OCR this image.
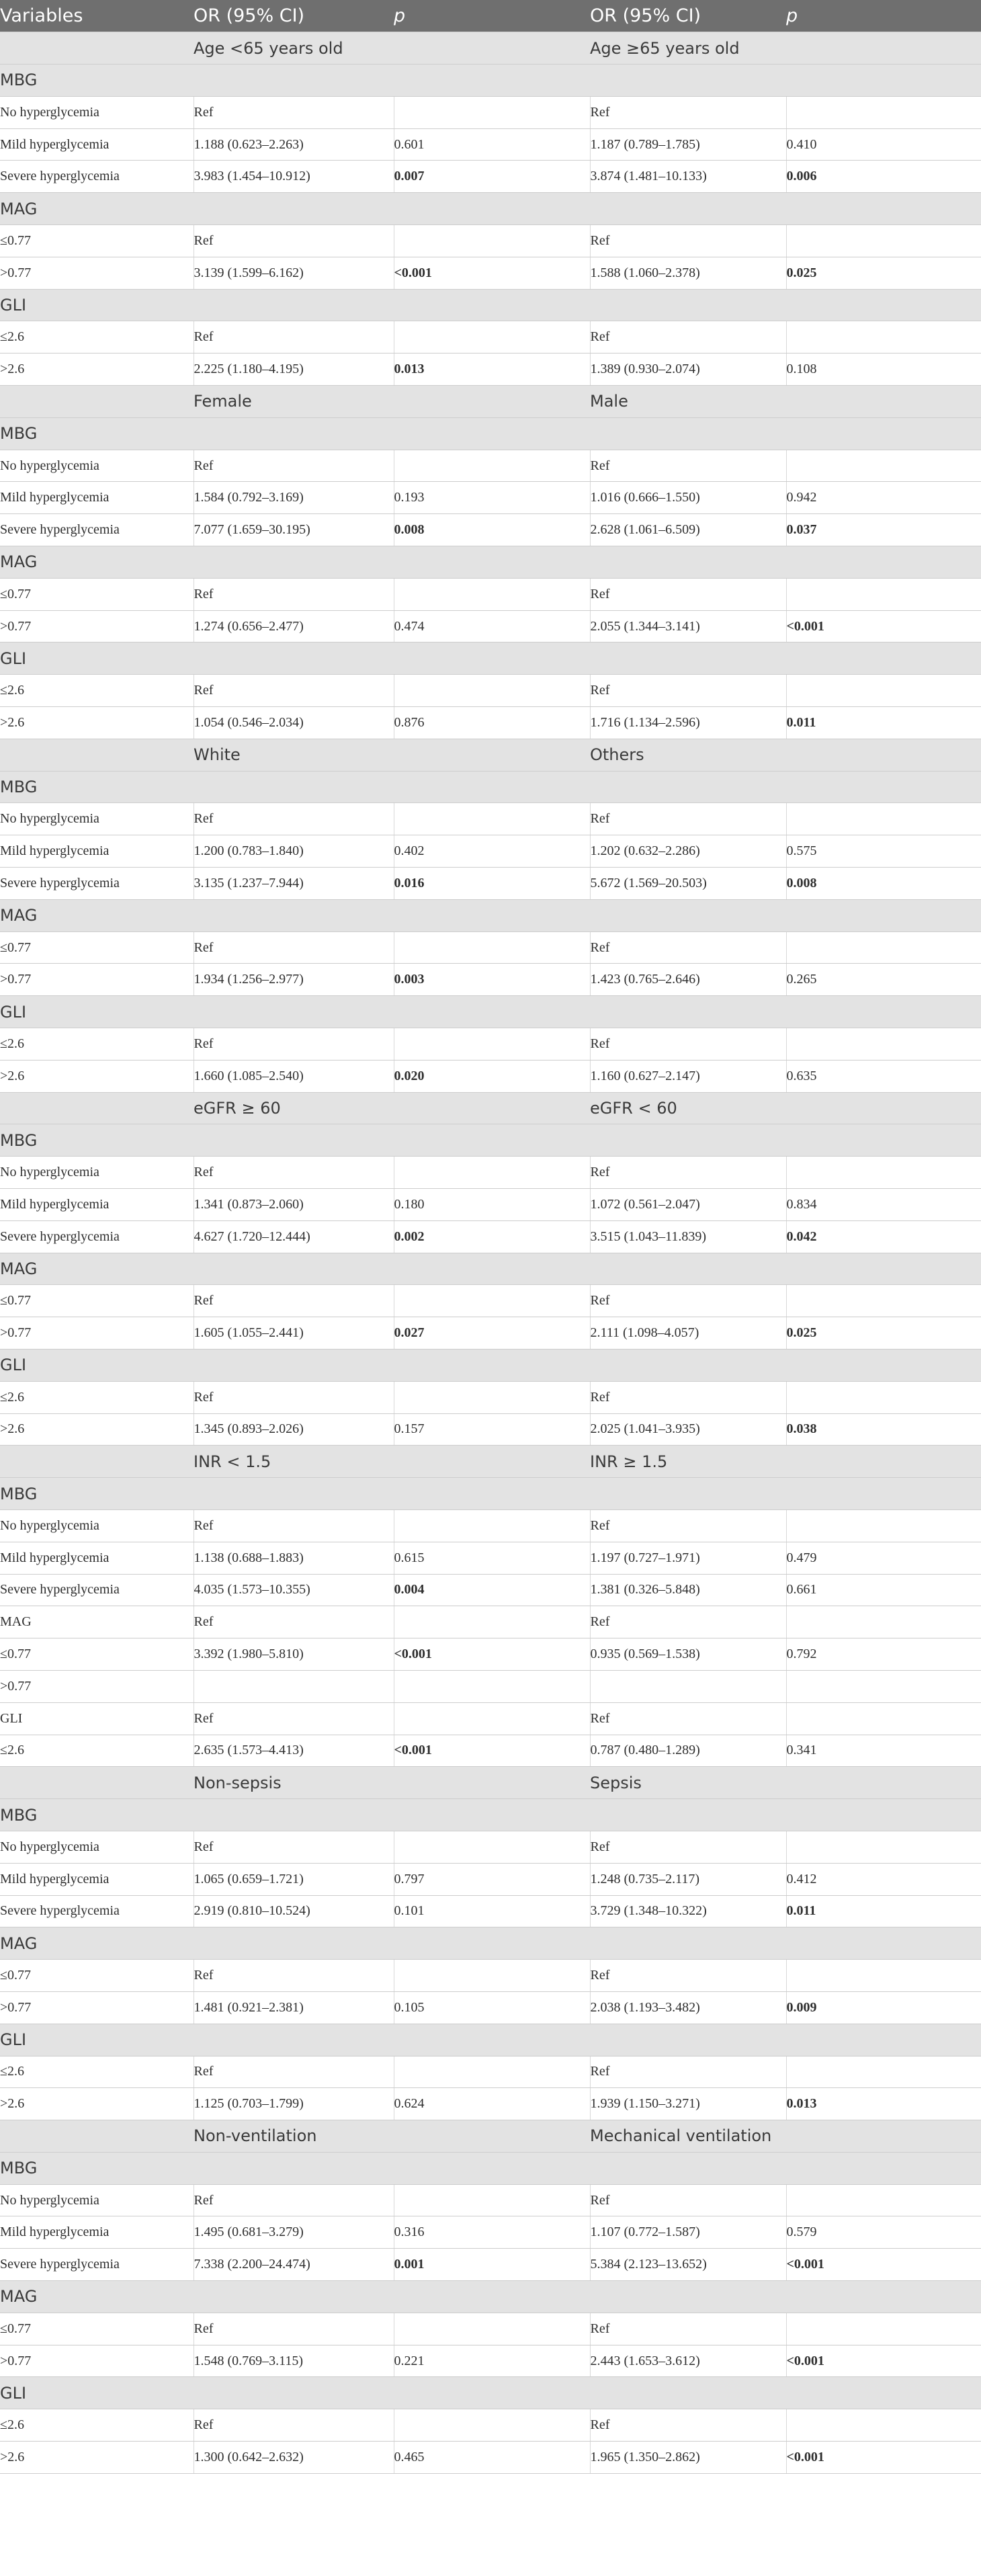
Variables	OR (95% CI)	p	OR (95% CI)	p
	Age <65 years old		Age ≥65 years old	
MBG				
No hyperglycemia	Ref		Ref	
Mild hyperglycemia	1.188 (0.623–2.263)	0.601	1.187 (0.789–1.785)	0.410
Severe hyperglycemia	3.983 (1.454–10.912)	0.007	3.874 (1.481–10.133)	0.006
MAG				
≤0.77	Ref		Ref	
>0.77	3.139 (1.599–6.162)	<0.001	1.588 (1.060–2.378)	0.025
GLI				
≤2.6	Ref		Ref	
>2.6	2.225 (1.180–4.195)	0.013	1.389 (0.930–2.074)	0.108
	Female		Male	
MBG				
No hyperglycemia	Ref		Ref	
Mild hyperglycemia	1.584 (0.792–3.169)	0.193	1.016 (0.666–1.550)	0.942
Severe hyperglycemia	7.077 (1.659–30.195)	0.008	2.628 (1.061–6.509)	0.037
MAG				
≤0.77	Ref		Ref	
>0.77	1.274 (0.656–2.477)	0.474	2.055 (1.344–3.141)	<0.001
GLI				
≤2.6	Ref		Ref	
>2.6	1.054 (0.546–2.034)	0.876	1.716 (1.134–2.596)	0.011
	White		Others	
MBG				
No hyperglycemia	Ref		Ref	
Mild hyperglycemia	1.200 (0.783–1.840)	0.402	1.202 (0.632–2.286)	0.575
Severe hyperglycemia	3.135 (1.237–7.944)	0.016	5.672 (1.569–20.503)	0.008
MAG				
≤0.77	Ref		Ref	
>0.77	1.934 (1.256–2.977)	0.003	1.423 (0.765–2.646)	0.265
GLI				
≤2.6	Ref		Ref	
>2.6	1.660 (1.085–2.540)	0.020	1.160 (0.627–2.147)	0.635
	eGFR ≥ 60		eGFR < 60	
MBG				
No hyperglycemia	Ref		Ref	
Mild hyperglycemia	1.341 (0.873–2.060)	0.180	1.072 (0.561–2.047)	0.834
Severe hyperglycemia	4.627 (1.720–12.444)	0.002	3.515 (1.043–11.839)	0.042
MAG				
≤0.77	Ref		Ref	
>0.77	1.605 (1.055–2.441)	0.027	2.111 (1.098–4.057)	0.025
GLI				
≤2.6	Ref		Ref	
>2.6	1.345 (0.893–2.026)	0.157	2.025 (1.041–3.935)	0.038
	INR < 1.5		INR ≥ 1.5	
MBG				
No hyperglycemia	Ref		Ref	
Mild hyperglycemia	1.138 (0.688–1.883)	0.615	1.197 (0.727–1.971)	0.479
Severe hyperglycemia	4.035 (1.573–10.355)	0.004	1.381 (0.326–5.848)	0.661
MAG	Ref		Ref	
≤0.77	3.392 (1.980–5.810)	<0.001	0.935 (0.569–1.538)	0.792
>0.77				
GLI	Ref		Ref	
≤2.6	2.635 (1.573–4.413)	<0.001	0.787 (0.480–1.289)	0.341
	Non-sepsis		Sepsis	
MBG				
No hyperglycemia	Ref		Ref	
Mild hyperglycemia	1.065 (0.659–1.721)	0.797	1.248 (0.735–2.117)	0.412
Severe hyperglycemia	2.919 (0.810–10.524)	0.101	3.729 (1.348–10.322)	0.011
MAG				
≤0.77	Ref		Ref	
>0.77	1.481 (0.921–2.381)	0.105	2.038 (1.193–3.482)	0.009
GLI				
≤2.6	Ref		Ref	
>2.6	1.125 (0.703–1.799)	0.624	1.939 (1.150–3.271)	0.013
	Non-ventilation		Mechanical ventilation	
MBG				
No hyperglycemia	Ref		Ref	
Mild hyperglycemia	1.495 (0.681–3.279)	0.316	1.107 (0.772–1.587)	0.579
Severe hyperglycemia	7.338 (2.200–24.474)	0.001	5.384 (2.123–13.652)	<0.001
MAG				
≤0.77	Ref		Ref	
>0.77	1.548 (0.769–3.115)	0.221	2.443 (1.653–3.612)	<0.001
GLI				
≤2.6	Ref		Ref	
>2.6	1.300 (0.642–2.632)	0.465	1.965 (1.350–2.862)	<0.001
